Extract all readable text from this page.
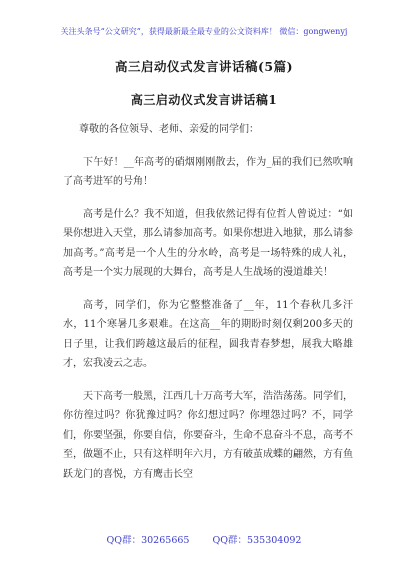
关注头条号“公文研究”，获得最新最全最专业的公文资料库！ 微信：gongwenyj
高三启动仪式发言讲话稿(5篇)
高三启动仪式发言讲话稿1

尊敬的各位领导、老师、亲爱的同学们：

下午好！__年高考的硝烟刚刚散去，作为_届的我们已然吹响了高考进军的号角！

高考是什么？我不知道，但我依然记得有位哲人曾说过：“如果你想进入天堂，那么请参加高考。如果你想进入地狱，那么请参加高考。”高考是一个人生的分水岭，高考是一场特殊的成人礼，高考是一个实力展现的大舞台，高考是人生战场的漫道雄关！

高考，同学们，你为它整整准备了__年，11个春秋几多汗水，11个寒暑几多艰难。在这高__年的期盼时刻仅剩200多天的日子里，让我们跨越这最后的征程，圆我青春梦想，展我大略雄才，宏我凌云之志。

天下高考一般黑，江西几十万高考大军，浩浩荡荡。同学们，你彷徨过吗？你犹豫过吗？你幻想过吗？你埋怨过吗？不，同学们，你要坚强，你要自信，你要奋斗，生命不息奋斗不息，高考不至，做题不止，只有这样明年六月，方有破茧成蝶的翩然，方有鱼跃龙门的喜悦，方有鹰击长空

QQ群：30265665 QQ群：535304092
